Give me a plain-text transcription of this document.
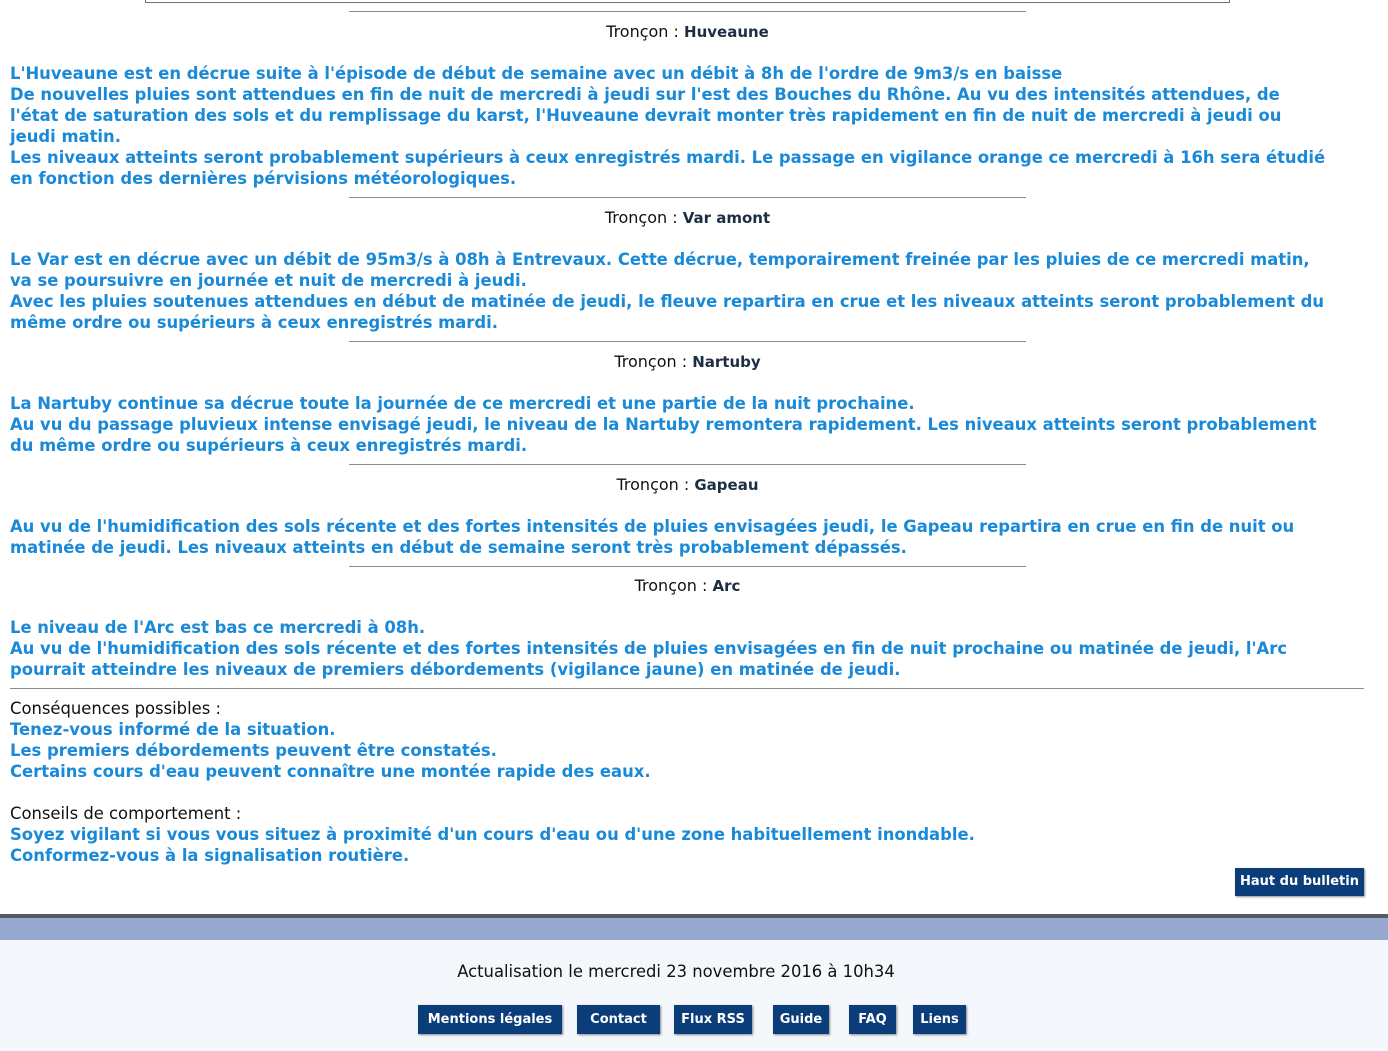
Tronçon : Huveaune
L'Huveaune est en décrue suite à l'épisode de début de semaine avec un débit à 8h de l'ordre de 9m3/s en baisse
De nouvelles pluies sont attendues en fin de nuit de mercredi à jeudi sur l'est des Bouches du Rhône. Au vu des intensités attendues, de
l'état de saturation des sols et du remplissage du karst, l'Huveaune devrait monter très rapidement en fin de nuit de mercredi à jeudi ou
jeudi matin.
Les niveaux atteints seront probablement supérieurs à ceux enregistrés mardi. Le passage en vigilance orange ce mercredi à 16h sera étudié
en fonction des dernières pérvisions météorologiques.
Tronçon : Var amont
Le Var est en décrue avec un débit de 95m3/s à 08h à Entrevaux. Cette décrue, temporairement freinée par les pluies de ce mercredi matin,
va se poursuivre en journée et nuit de mercredi à jeudi.
Avec les pluies soutenues attendues en début de matinée de jeudi, le fleuve repartira en crue et les niveaux atteints seront probablement du
même ordre ou supérieurs à ceux enregistrés mardi.
Tronçon : Nartuby
La Nartuby continue sa décrue toute la journée de ce mercredi et une partie de la nuit prochaine.
Au vu du passage pluvieux intense envisagé jeudi, le niveau de la Nartuby remontera rapidement. Les niveaux atteints seront probablement
du même ordre ou supérieurs à ceux enregistrés mardi.
Tronçon : Gapeau
Au vu de l'humidification des sols récente et des fortes intensités de pluies envisagées jeudi, le Gapeau repartira en crue en fin de nuit ou
matinée de jeudi. Les niveaux atteints en début de semaine seront très probablement dépassés.
Tronçon : Arc
Le niveau de l'Arc est bas ce mercredi à 08h.
Au vu de l'humidification des sols récente et des fortes intensités de pluies envisagées en fin de nuit prochaine ou matinée de jeudi, l'Arc
pourrait atteindre les niveaux de premiers débordements (vigilance jaune) en matinée de jeudi.
Conséquences possibles :
Tenez-vous informé de la situation.
Les premiers débordements peuvent être constatés.
Certains cours d'eau peuvent connaître une montée rapide des eaux.
Conseils de comportement :
Soyez vigilant si vous vous situez à proximité d'un cours d'eau ou d'une zone habituellement inondable.
Conformez-vous à la signalisation routière.
Haut du bulletin
Actualisation le mercredi 23 novembre 2016 à 10h34
Mentions légales	Contact	Flux RSS	Guide	FAQ	Liens
